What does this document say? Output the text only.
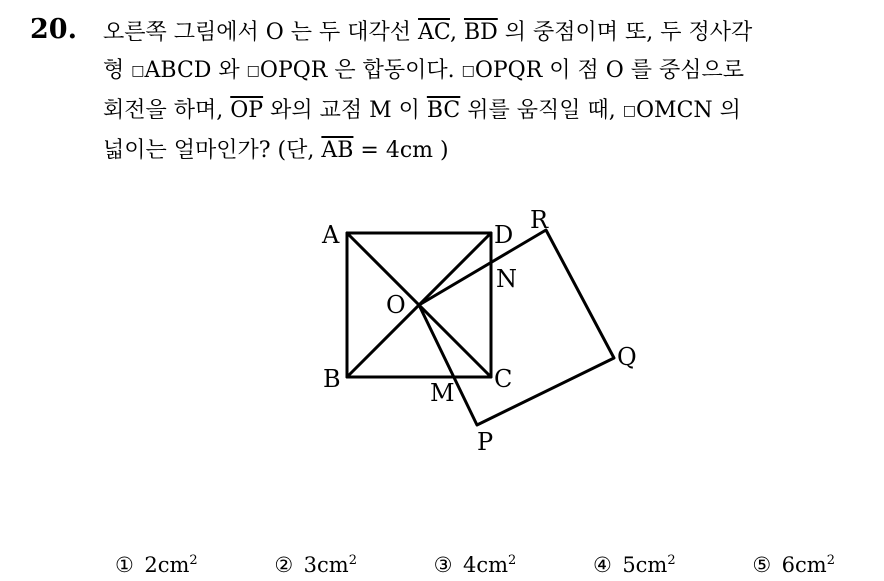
20. 오른쪽 그림에서 O 는 두 대각선 $\overline{AC}$, $\overline{BD}$ 의 중점이며 또, 두 정사각
형 □ABCD 와 □OPQR 은 합동이다. □OPQR 이 점 O 를 중심으로
회전을 하며, $\overline{OP}$ 와의 교점 M 이 $\overline{BC}$ 위를 움직일 때, □OMCN 의
넓이는 얼마인가? (단, $\overline{AB} = 4cm$ )
A	D
R
N
O
Q
B	C
M
P
①  $2cm^2$	②  $3cm^2$	③  $4cm^2$	④  $5cm^2$	⑤  $6cm^2$
